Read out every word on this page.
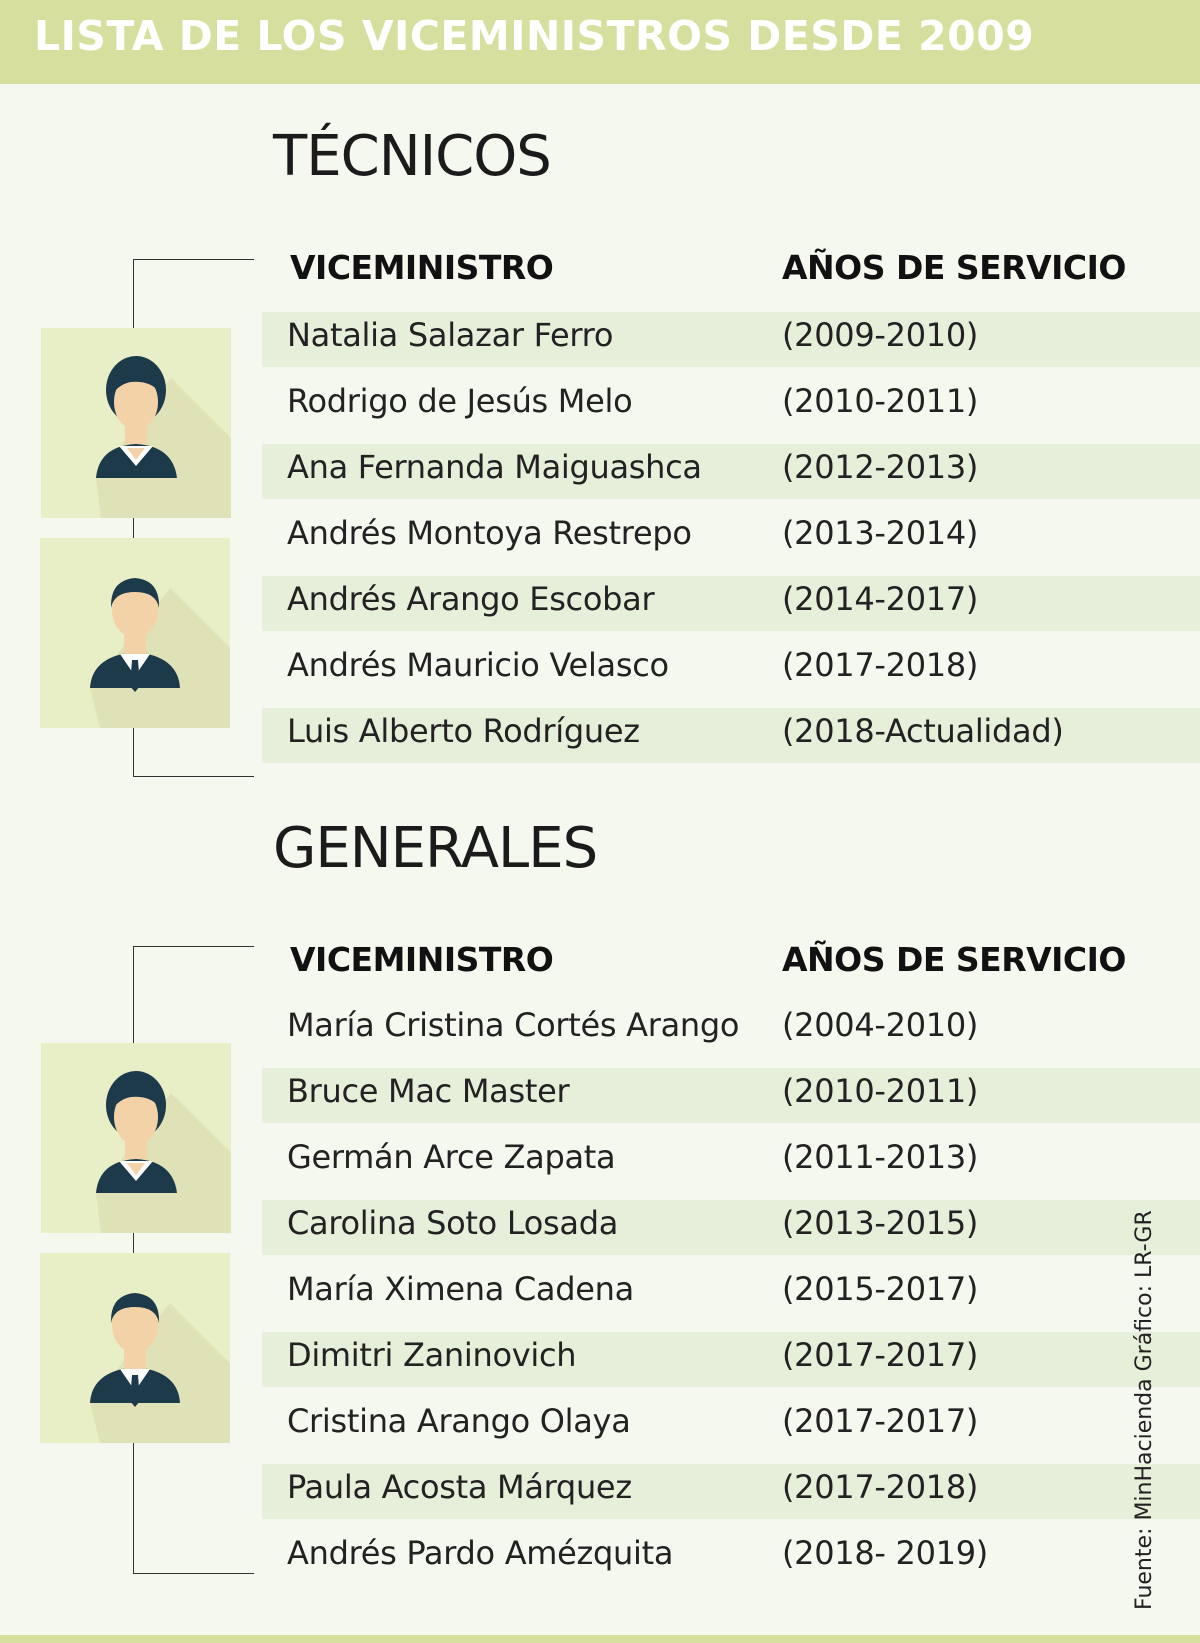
LISTA DE LOS VICEMINISTROS DESDE 2009
TÉCNICOS
VICEMINISTRO	AÑOS DE SERVICIO
Natalia Salazar Ferro	(2009-2010)
Rodrigo de Jesús Melo	(2010-2011)
Ana Fernanda Maiguashca	(2012-2013)
Andrés Montoya Restrepo	(2013-2014)
Andrés Arango Escobar	(2014-2017)
Andrés Mauricio Velasco	(2017-2018)
Luis Alberto Rodríguez	(2018-Actualidad)
GENERALES
VICEMINISTRO	AÑOS DE SERVICIO
María Cristina Cortés Arango (2004-2010)
Bruce Mac Master	(2010-2011)
Germán Arce Zapata	(2011-2013)
Carolina Soto Losada	(2013-2015)
María Ximena Cadena	(2015-2017)
Dimitri Zaninovich	(2017-2017)
Cristina Arango Olaya	(2017-2017)
Paula Acosta Márquez	(2017-2018)
Andrés Pardo Amézquita	(2018- 2019)	Fuente: MinHacienda Gráfico: LR-GR
